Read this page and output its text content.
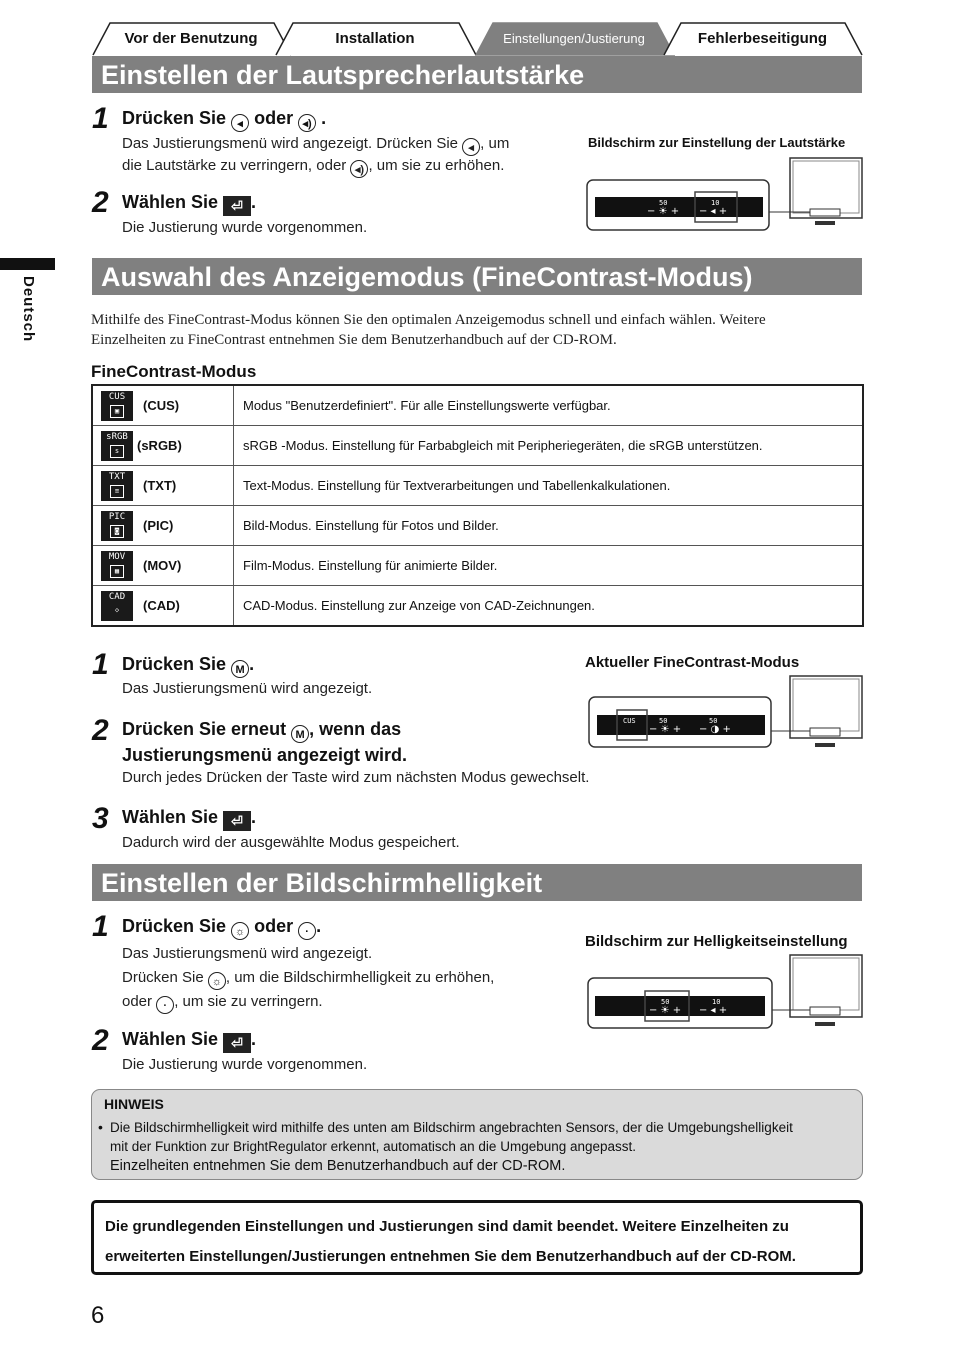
Vor der Benutzung	Installation	Einstellungen/Justierung	Fehlerbeseitigung
Deutsch
Einstellen der Lautsprecherlautstärke
1 Drücken Sie ◂ oder ◂) .
Das Justierungsmenü wird angezeigt. Drücken Sie ◂ , um
die Lautstärke zu verringern, oder ◂) , um sie zu erhöhen.
2 Wählen Sie ⏎ .
Die Justierung wurde vorgenommen.
Bildschirm zur Einstellung der Lautstärke
50	10
− ☀ + − ◂ +
Auswahl des Anzeigemodus (FineContrast-Modus)
Mithilfe des FineContrast-Modus können Sie den optimalen Anzeigemodus schnell und einfach wählen. Weitere
Einzelheiten zu FineContrast entnehmen Sie dem Benutzerhandbuch auf der CD-ROM.
FineContrast-Modus
CUS
▣ (CUS)	Modus "Benutzerdefiniert". Für alle Einstellungswerte verfügbar.

sRGB
s (sRGB)	sRGB -Modus. Einstellung für Farbabgleich mit Peripheriegeräten, die sRGB unterstützen.

TXT
≡ (TXT)	Text-Modus. Einstellung für Textverarbeitungen und Tabellenkalkulationen.

PIC
◙ (PIC)	Bild-Modus. Einstellung für Fotos und Bilder.

MOV
▦ (MOV)	Film-Modus. Einstellung für animierte Bilder.

CAD
◇ (CAD)	CAD-Modus. Einstellung zur Anzeige von CAD-Zeichnungen.
1 Drücken Sie M .
Das Justierungsmenü wird angezeigt.
2 Drücken Sie erneut M , wenn das
Justierungsmenü angezeigt wird.
Durch jedes Drücken der Taste wird zum nächsten Modus gewechselt.
3 Wählen Sie ⏎ .
Dadurch wird der ausgewählte Modus gespeichert.
Aktueller FineContrast-Modus
CUS	50	50
− ☀ + − ◑ +
Einstellen der Bildschirmhelligkeit
1 Drücken Sie ☼ oder · .
Das Justierungsmenü wird angezeigt.
Drücken Sie ☼ , um die Bildschirmhelligkeit zu erhöhen,
oder · , um sie zu verringern.
2 Wählen Sie ⏎ .
Die Justierung wurde vorgenommen.
Bildschirm zur Helligkeitseinstellung
50	10
− ☀ + − ◂ +
HINWEIS
• Die Bildschirmhelligkeit wird mithilfe des unten am Bildschirm angebrachten Sensors, der die Umgebungshelligkeit
mit der Funktion zur BrightRegulator erkennt, automatisch an die Umgebung angepasst.
Einzelheiten entnehmen Sie dem Benutzerhandbuch auf der CD-ROM.
Die grundlegenden Einstellungen und Justierungen sind damit beendet. Weitere Einzelheiten zu
erweiterten Einstellungen/Justierungen entnehmen Sie dem Benutzerhandbuch auf der CD-ROM.
6
